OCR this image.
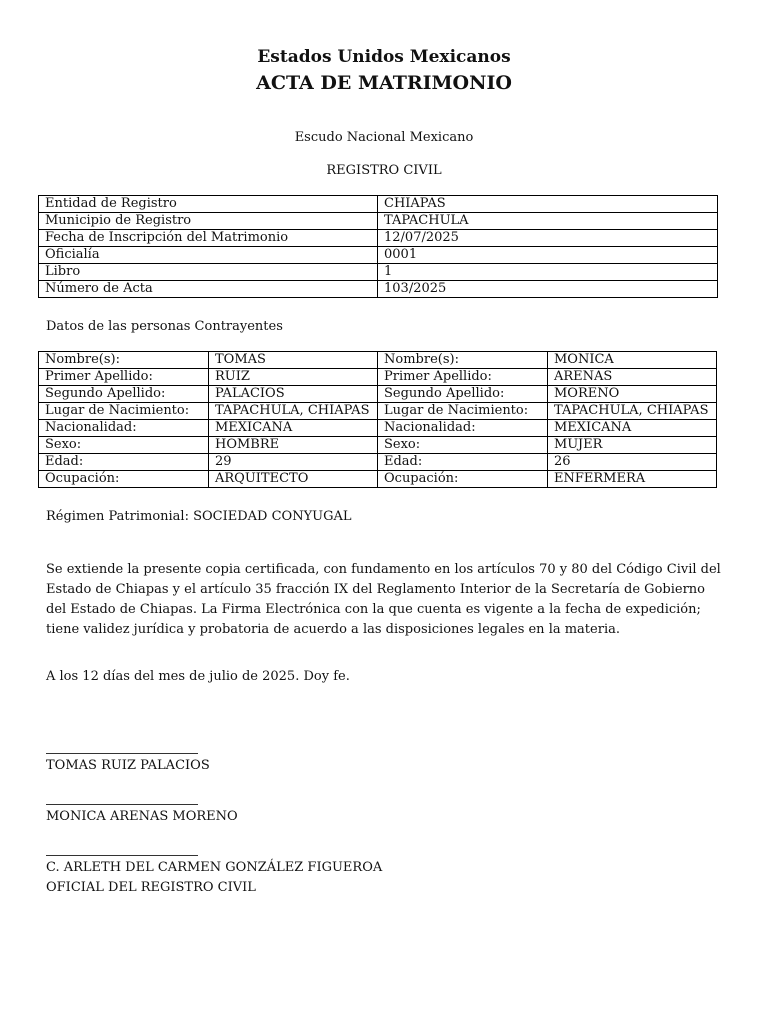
Estados Unidos Mexicanos
ACTA DE MATRIMONIO
Escudo Nacional Mexicano
REGISTRO CIVIL
Entidad de Registro	CHIAPAS
Municipio de Registro	TAPACHULA
Fecha de Inscripción del Matrimonio	12/07/2025
Oficialía	0001
Libro	1
Número de Acta	103/2025
Datos de las personas Contrayentes
Nombre(s):	TOMAS	Nombre(s):	MONICA
Primer Apellido:	RUIZ	Primer Apellido:	ARENAS
Segundo Apellido:	PALACIOS	Segundo Apellido:	MORENO
Lugar de Nacimiento:	TAPACHULA, CHIAPAS	Lugar de Nacimiento:	TAPACHULA, CHIAPAS
Nacionalidad:	MEXICANA	Nacionalidad:	MEXICANA
Sexo:	HOMBRE	Sexo:	MUJER
Edad:	29	Edad:	26
Ocupación:	ARQUITECTO	Ocupación:	ENFERMERA
Régimen Patrimonial: SOCIEDAD CONYUGAL
Se extiende la presente copia certificada, con fundamento en los artículos 70 y 80 del Código Civil del Estado de Chiapas y el artículo 35 fracción IX del Reglamento Interior de la Secretaría de Gobierno del Estado de Chiapas. La Firma Electrónica con la que cuenta es vigente a la fecha de expedición; tiene validez jurídica y probatoria de acuerdo a las disposiciones legales en la materia.
A los 12 días del mes de julio de 2025. Doy fe.
TOMAS RUIZ PALACIOS
MONICA ARENAS MORENO
C. ARLETH DEL CARMEN GONZÁLEZ FIGUEROA
OFICIAL DEL REGISTRO CIVIL
